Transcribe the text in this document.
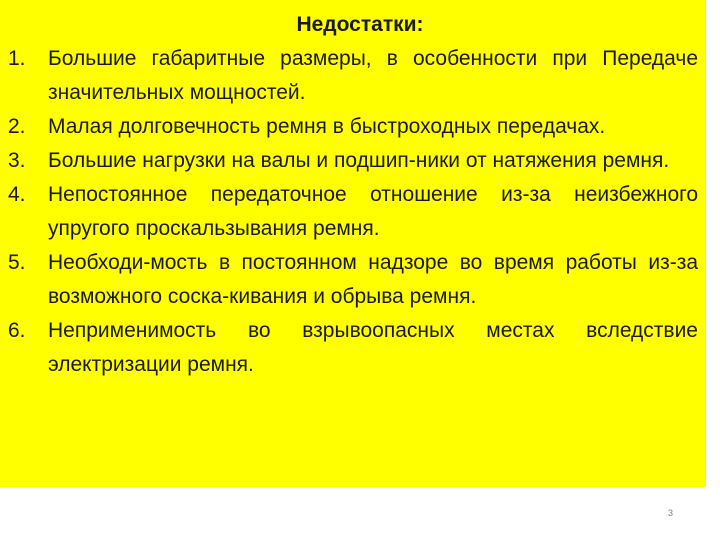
Недостатки:
1.	Большие габаритные размеры, в особенности при Передаче значительных мощностей.
2.	Малая долговечность ремня в быстроходных передачах.
3.	Большие нагрузки на валы и подшип-ники от натяжения ремня.
4.	Непостоянное передаточное отношение из-за неизбежного упругого проскальзывания ремня.
5.	Необходи-мость в постоянном надзоре во время работы из-за возможного соска-кивания и обрыва ремня.
6.	Неприменимость во взрывоопасных местах вследствие электризации ремня.
3
